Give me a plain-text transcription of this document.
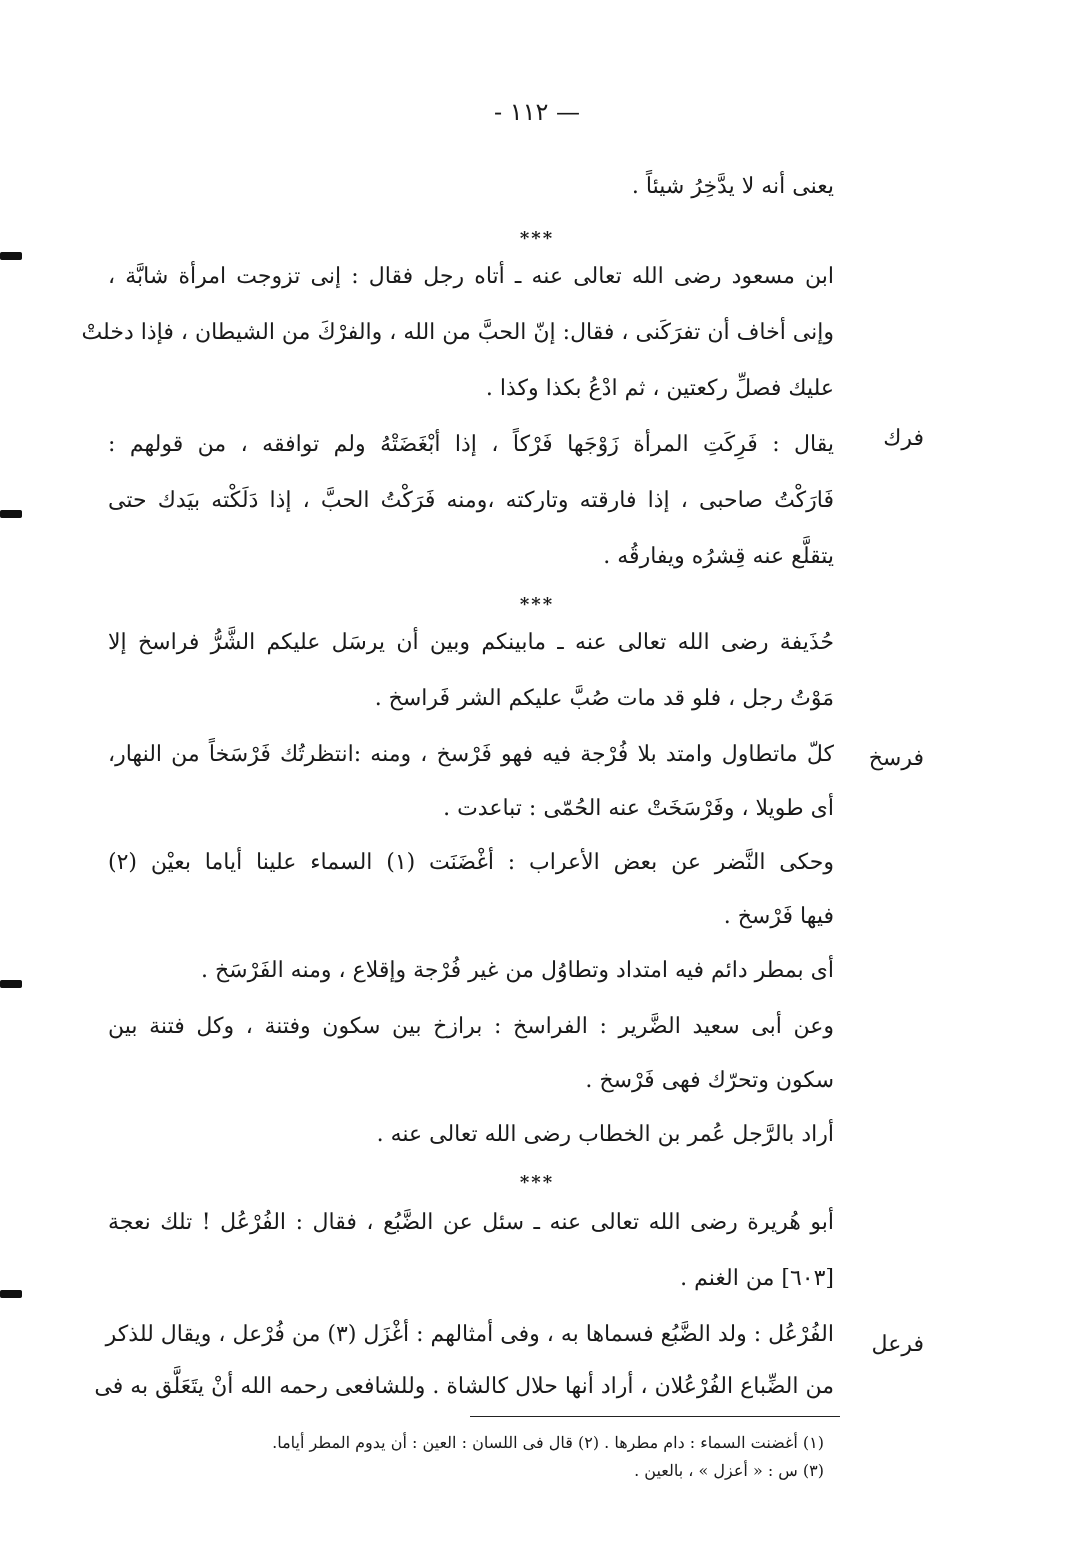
— ١١٢ -
يعنى أنه لا يدَّخِرُ شيئاً .
***
ابن مسعود رضى الله تعالى عنه ـ أتاه رجل فقال : إنى تزوجت امرأة شابَّة ،
وإنى أخاف أن تفرَكَنى ، فقال: إنّ الحبَّ من الله ، والفرْكَ من الشيطان ، فإذا دخلتْ
عليك فصلِّ ركعتين ، ثم ادْعُ بكذا وكذا .
فرك
يقال : فَرِكَتِ المرأة زَوْجَها فَرْكاً ، إذا أبْغَضَتْهُ ولم توافقه ، من قولهم :
فَارَكْتُ صاحبى ، إذا فارقته وتاركته ،ومنه فَرَكْتُ الحبَّ ، إذا دَلَكْته بيَدك حتى
يتقلَّع عنه قِشرُه ويفارقُه .
***
حُذَيفة رضى الله تعالى عنه ـ مابينكم وبين أن يرسَل عليكم الشَّرُّ فراسخ إلا
مَوْتُ رجل ، فلو قد مات صُبَّ عليكم الشر فَراسخ .
فرسخ
كلّ ماتطاول وامتد بلا فُرْجة فيه فهو فَرْسخ ، ومنه :انتظرتُك فَرْسَخاً من النهار،
أى طويلا ، وفَرْسَخَتْ عنه الحُمّى : تباعدت .
وحكى النَّضر عن بعض الأعراب : أغْضَنَت (١) السماء علينا أياما بعيْن (٢)
فيها فَرْسخ .
أى بمطر دائم فيه امتداد وتطاوُل من غير فُرْجة وإقلاع ، ومنه الفَرْسَخ .
وعن أبى سعيد الضَّرير : الفراسخ : برازخ بين سكون وفتنة ، وكل فتنة بين
سكون وتحرّك فهى فَرْسخ .
أراد بالرَّجل عُمر بن الخطاب رضى الله تعالى عنه .
***
أبو هُريرة رضى الله تعالى عنه ـ سئل عن الضَّبُع ، فقال : الفُرْعُل ! تلك نعجة
[٦٠٣] من الغنم .
فرعل
الفُرْعُل : ولد الضَّبُع فسماها به ، وفى أمثالهم : أغْزَل (٣) من فُرْعل ، ويقال للذكر
من الضِّباع الفُرْعُلان ، أراد أنها حلال كالشاة . وللشافعى رحمه الله أنْ يتَعَلَّق به فى
(١) أغضنت السماء : دام مطرها . (٢) قال فى اللسان : العين : أن يدوم المطر أياما.
(٣) س : « أعزل » ، بالعين .
